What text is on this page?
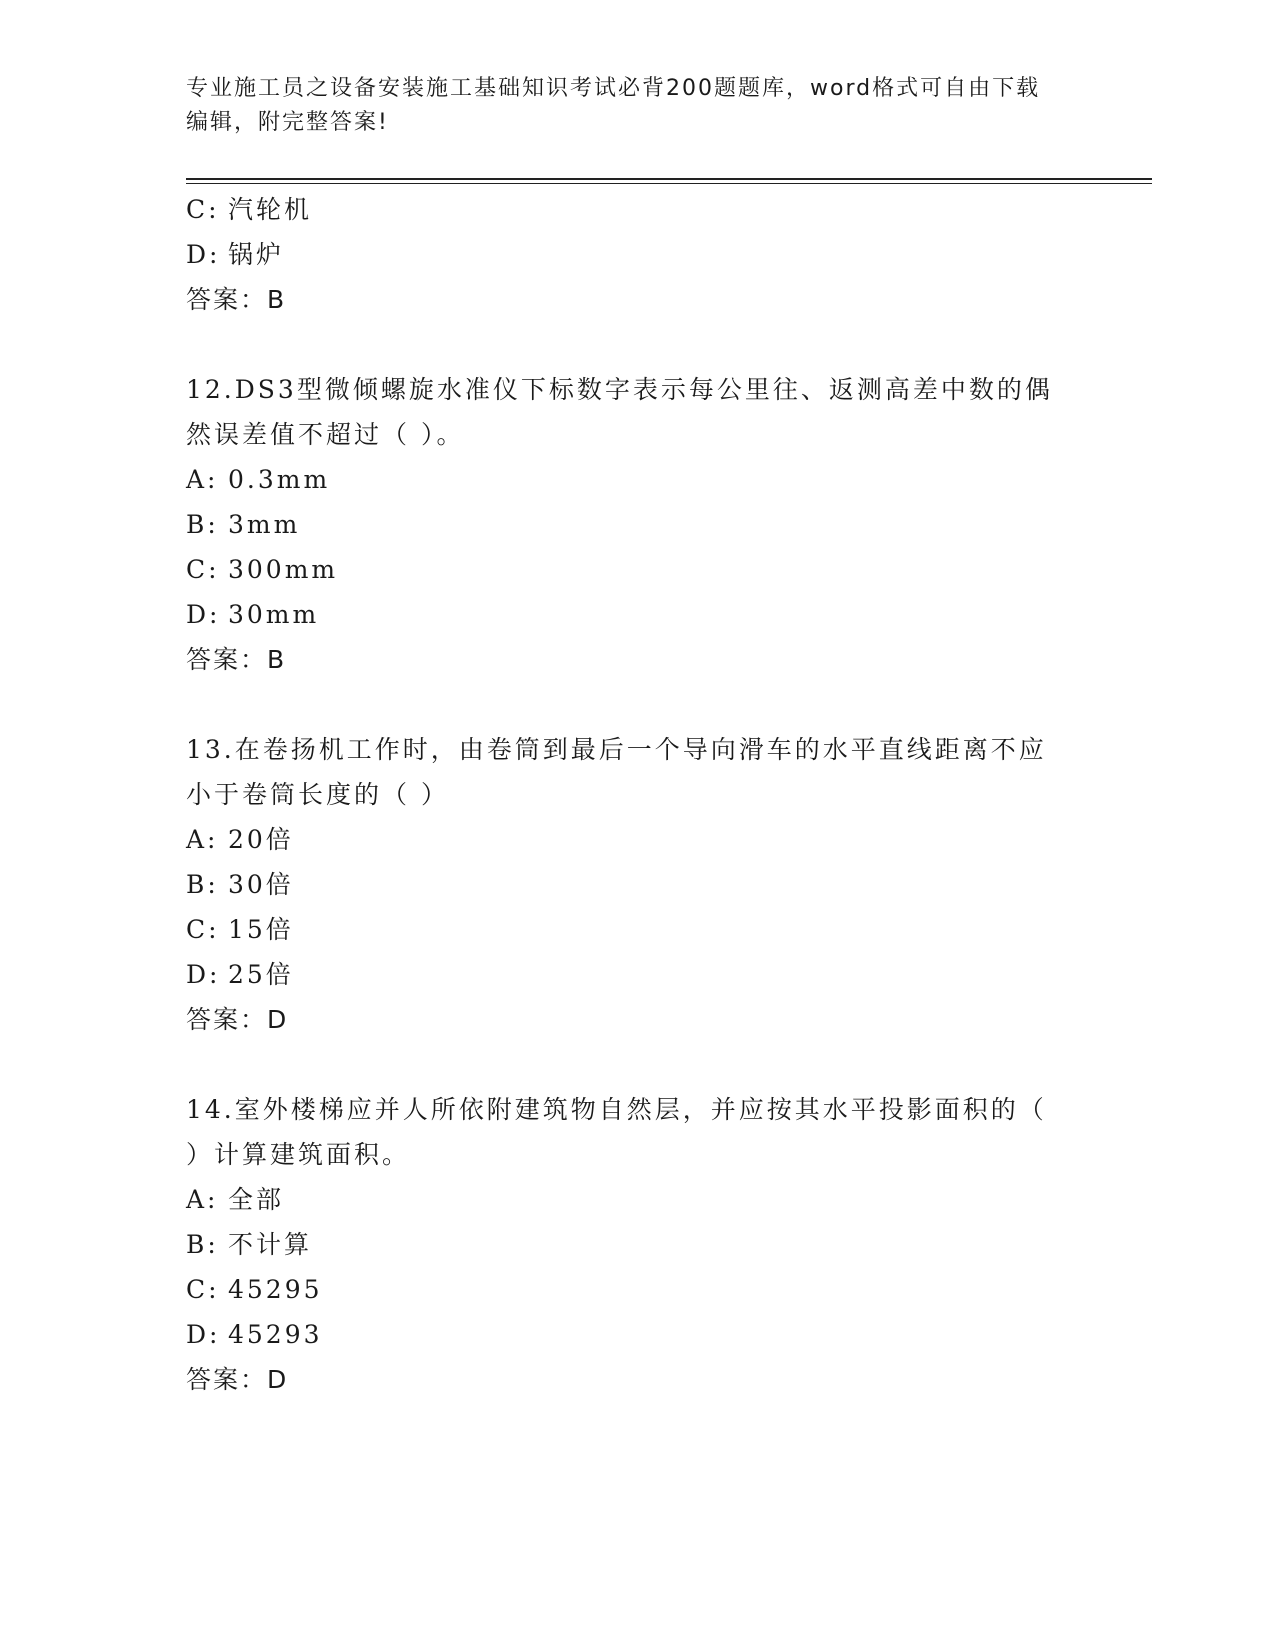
专业施工员之设备安装施工基础知识考试必背200题题库，word格式可自由下载
编辑，附完整答案!
C: 汽轮机
D: 锅炉
答案：B
12.DS3型微倾螺旋水准仪下标数字表示每公里往、返测高差中数的偶
然误差值不超过（ ）。
A: 0.3mm
B: 3mm
C: 300mm
D: 30mm
答案：B
13.在卷扬机工作时，由卷筒到最后一个导向滑车的水平直线距离不应
小于卷筒长度的（ ）
A: 20倍
B: 30倍
C: 15倍
D: 25倍
答案：D
14.室外楼梯应并人所依附建筑物自然层，并应按其水平投影面积的（
）计算建筑面积。
A: 全部
B: 不计算
C: 45295
D: 45293
答案：D
